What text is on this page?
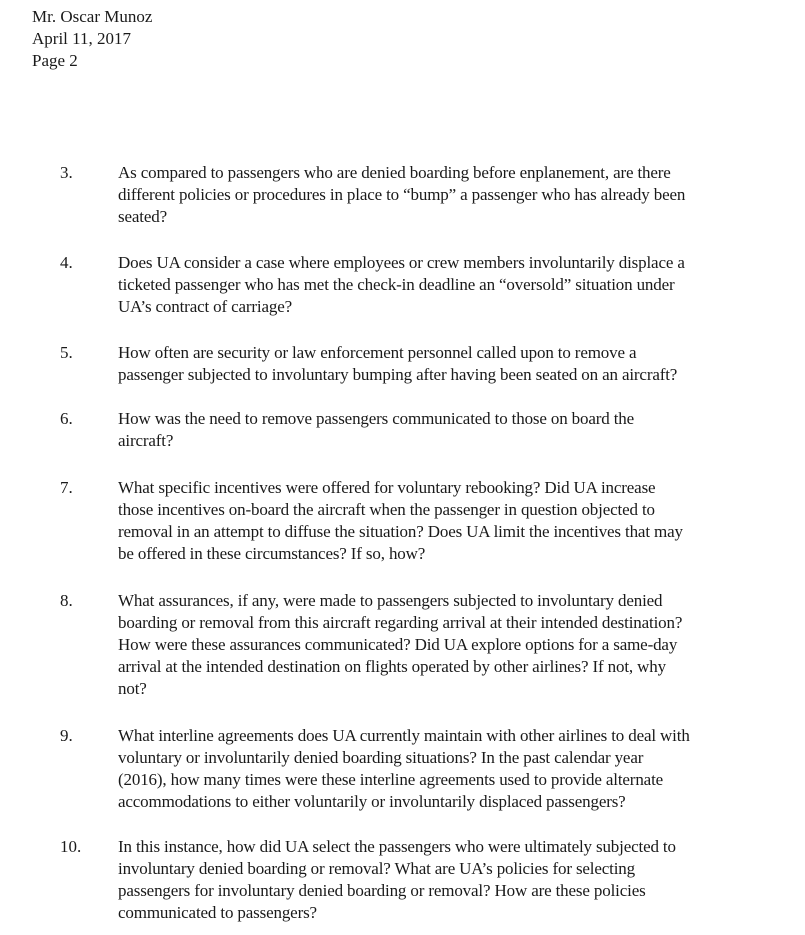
Mr. Oscar Munoz
April 11, 2017
Page 2
3.	As compared to passengers who are denied boarding before enplanement, are there
different policies or procedures in place to “bump” a passenger who has already been
seated?
4.	Does UA consider a case where employees or crew members involuntarily displace a
ticketed passenger who has met the check-in deadline an “oversold” situation under
UA’s contract of carriage?
5.	How often are security or law enforcement personnel called upon to remove a
passenger subjected to involuntary bumping after having been seated on an aircraft?
6.	How was the need to remove passengers communicated to those on board the
aircraft?
7.	What specific incentives were offered for voluntary rebooking? Did UA increase
those incentives on-board the aircraft when the passenger in question objected to
removal in an attempt to diffuse the situation? Does UA limit the incentives that may
be offered in these circumstances? If so, how?
8.	What assurances, if any, were made to passengers subjected to involuntary denied
boarding or removal from this aircraft regarding arrival at their intended destination?
How were these assurances communicated? Did UA explore options for a same-day
arrival at the intended destination on flights operated by other airlines? If not, why
not?
9.	What interline agreements does UA currently maintain with other airlines to deal with
voluntary or involuntarily denied boarding situations? In the past calendar year
(2016), how many times were these interline agreements used to provide alternate
accommodations to either voluntarily or involuntarily displaced passengers?
10. In this instance, how did UA select the passengers who were ultimately subjected to
involuntary denied boarding or removal? What are UA’s policies for selecting
passengers for involuntary denied boarding or removal? How are these policies
communicated to passengers?
